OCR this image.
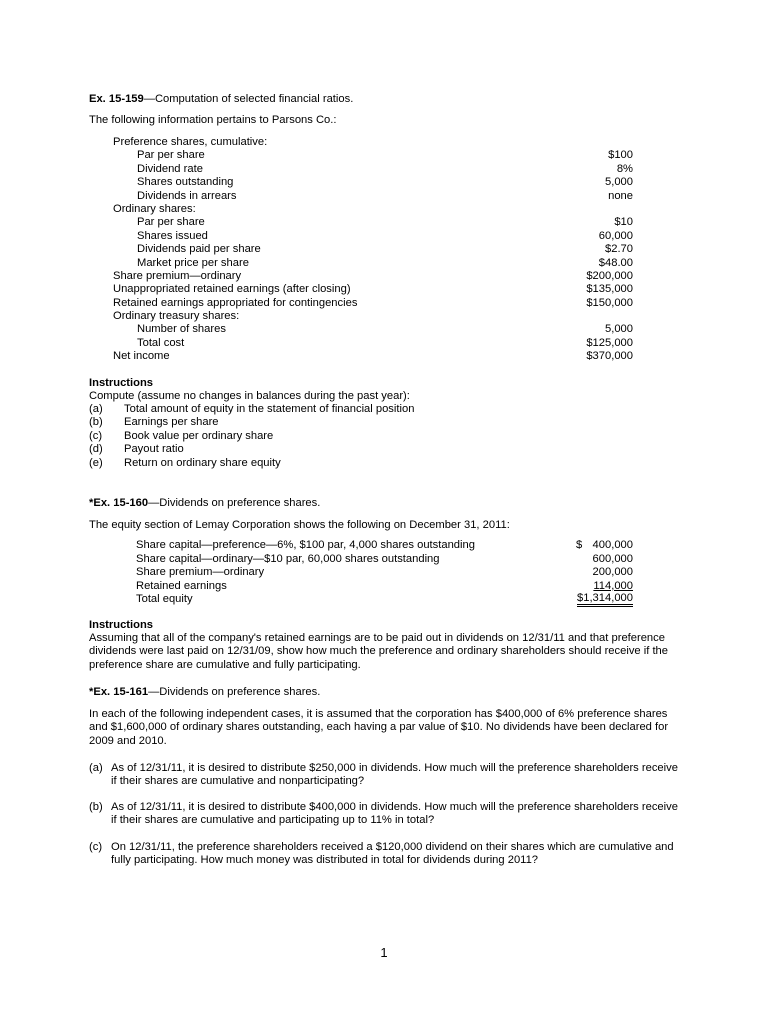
Ex. 15-159—Computation of selected financial ratios.
The following information pertains to Parsons Co.:
Preference shares, cumulative:
Par per share	$100
Dividend rate	8%
Shares outstanding	5,000
Dividends in arrears	none
Ordinary shares:
Par per share	$10
Shares issued	60,000
Dividends paid per share	$2.70
Market price per share	$48.00
Share premium—ordinary	$200,000
Unappropriated retained earnings (after closing)	$135,000
Retained earnings appropriated for contingencies	$150,000
Ordinary treasury shares:
Number of shares	5,000
Total cost	$125,000
Net income	$370,000
Instructions
Compute (assume no changes in balances during the past year):
(a) Total amount of equity in the statement of financial position
(b) Earnings per share
(c) Book value per ordinary share
(d) Payout ratio
(e) Return on ordinary share equity
*Ex. 15-160—Dividends on preference shares.
The equity section of Lemay Corporation shows the following on December 31, 2011:
Share capital—preference—6%, $100 par, 4,000 shares outstanding	$ 400,000
Share capital—ordinary—$10 par, 60,000 shares outstanding	600,000
Share premium—ordinary	200,000
Retained earnings	114,000
Total equity	$1,314,000
Instructions
Assuming that all of the company's retained earnings are to be paid out in dividends on 12/31/11 and that preference dividends were last paid on 12/31/09, show how much the preference and ordinary shareholders should receive if the preference share are cumulative and fully participating.
*Ex. 15-161—Dividends on preference shares.
In each of the following independent cases, it is assumed that the corporation has $400,000 of 6% preference shares and $1,600,000 of ordinary shares outstanding, each having a par value of $10. No dividends have been declared for 2009 and 2010.
(a) As of 12/31/11, it is desired to distribute $250,000 in dividends. How much will the preference shareholders receive if their shares are cumulative and nonparticipating?
(b) As of 12/31/11, it is desired to distribute $400,000 in dividends. How much will the preference shareholders receive if their shares are cumulative and participating up to 11% in total?
(c) On 12/31/11, the preference shareholders received a $120,000 dividend on their shares which are cumulative and fully participating. How much money was distributed in total for dividends during 2011?
1
